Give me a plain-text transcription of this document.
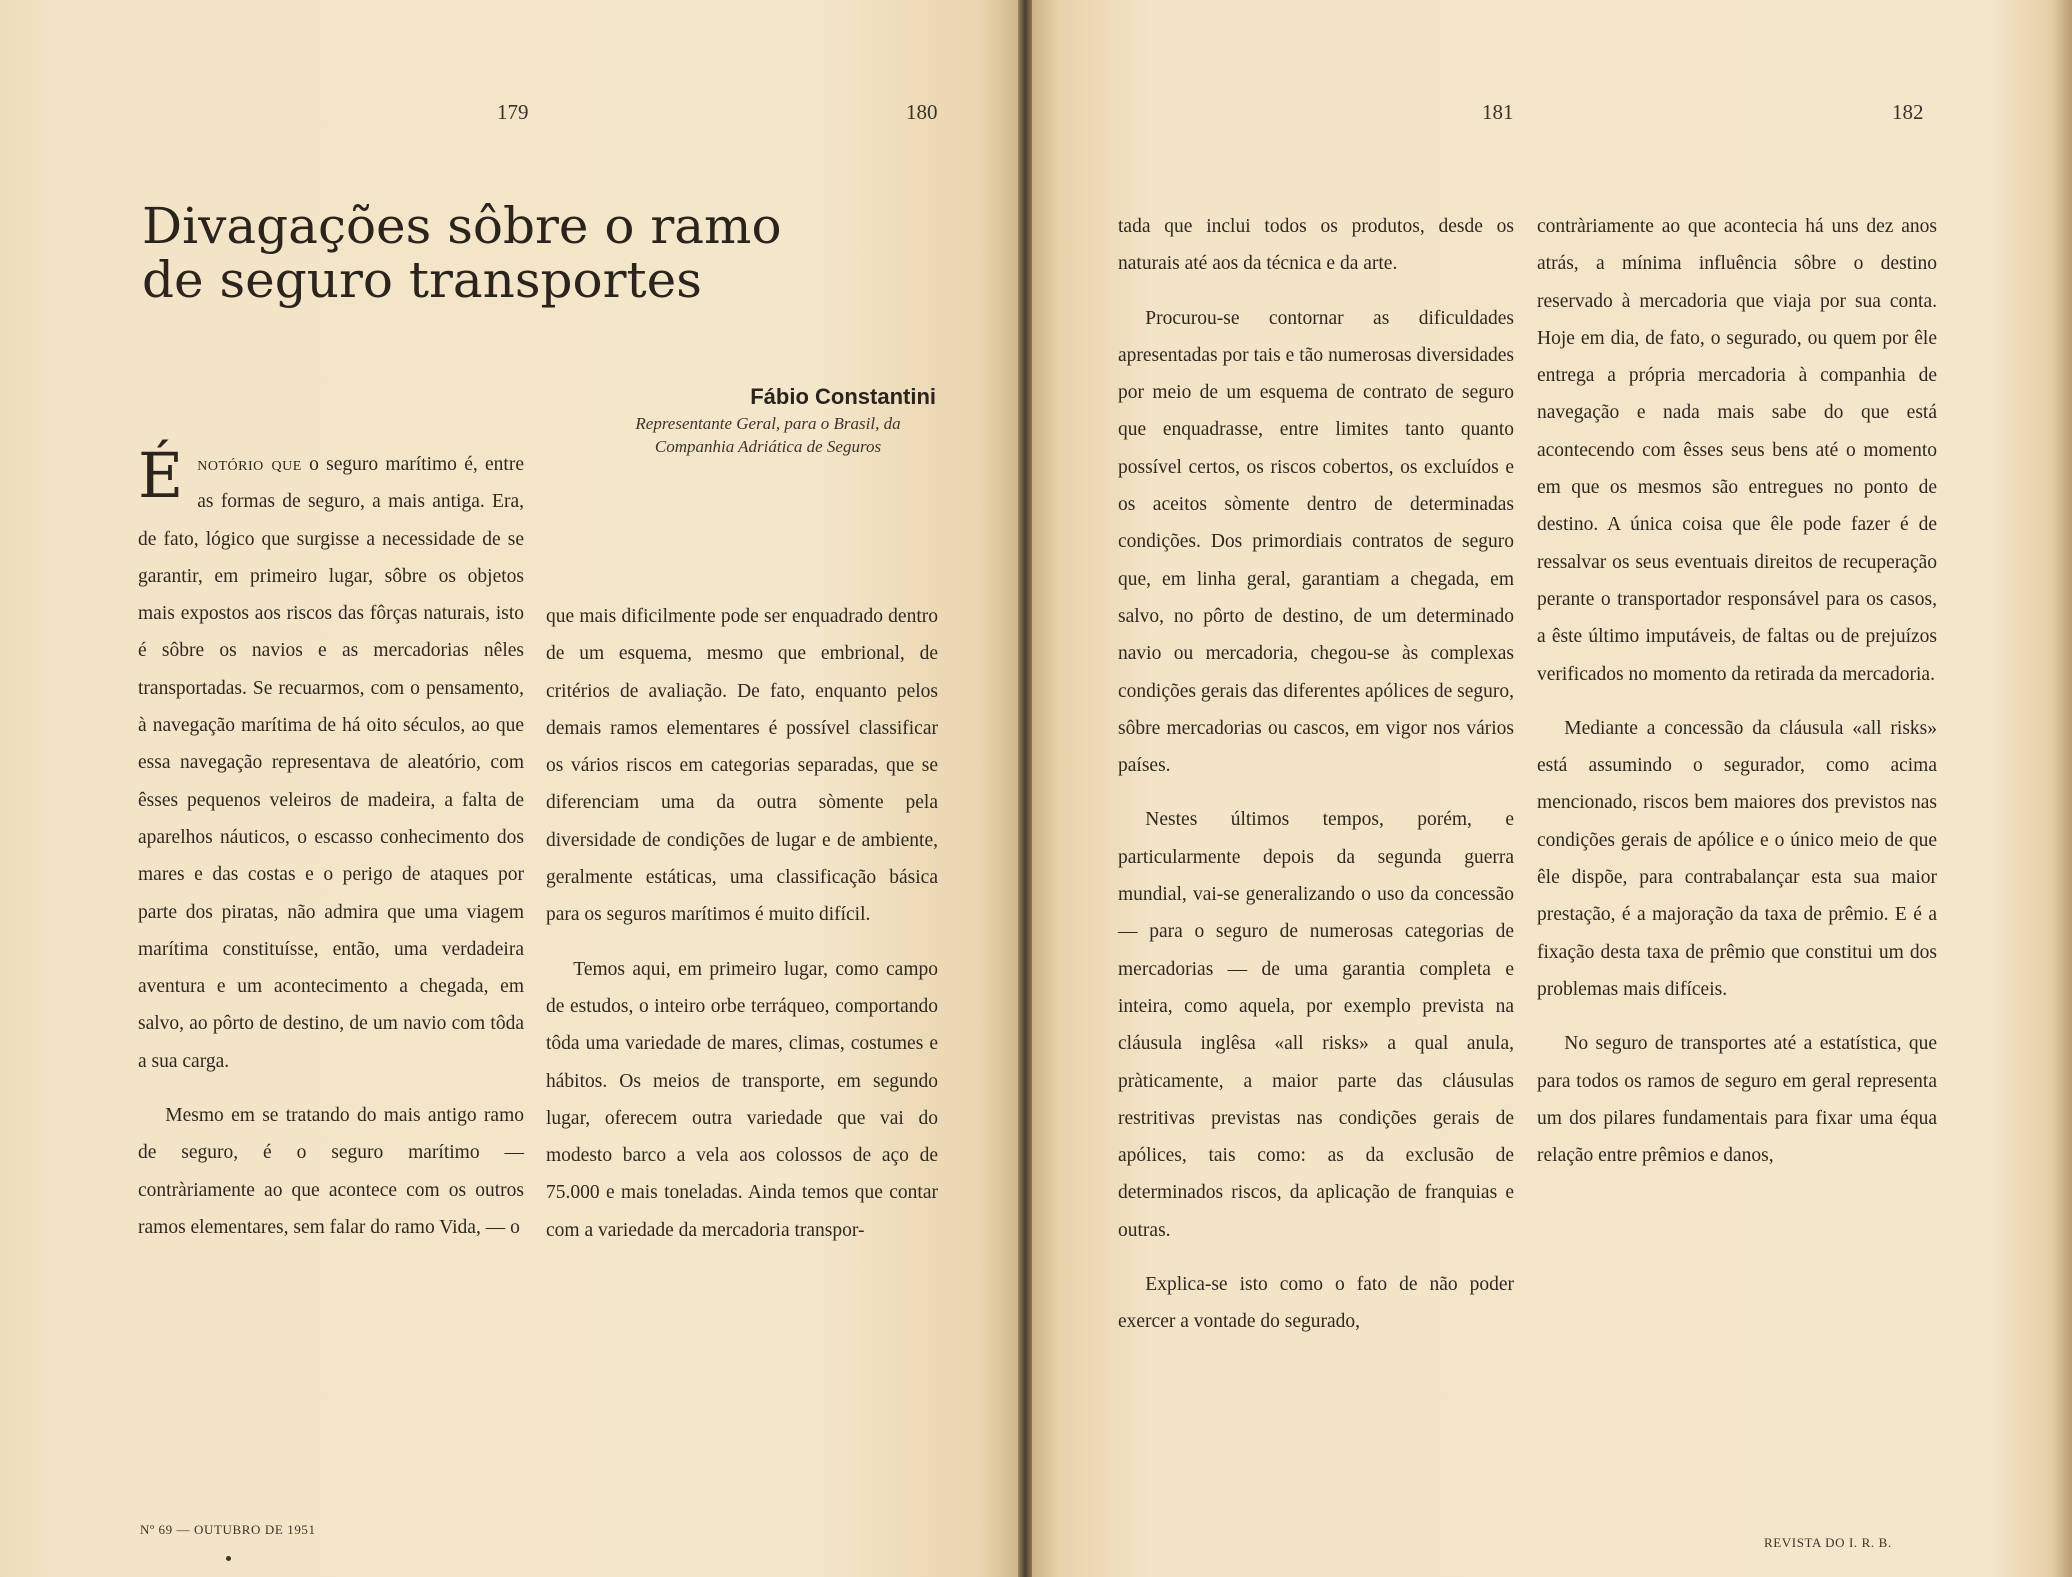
179	180	181	182
Divagações sôbre o ramo de seguro transportes
Fábio Constantini
Representante Geral, para o Brasil, da Companhia Adriática de Seguros

Énotório que o seguro marítimo é, entre as formas de seguro, a mais antiga. Era, de fato, lógico que surgisse a necessidade de se garantir, em primeiro lugar, sôbre os objetos mais expostos aos riscos das fôrças naturais, isto é sôbre os navios e as mercadorias nêles transportadas. Se recuarmos, com o pensamento, à navegação marítima de há oito séculos, ao que essa navegação representava de aleatório, com êsses pequenos veleiros de madeira, a falta de aparelhos náuticos, o escasso conhecimento dos mares e das costas e o perigo de ataques por parte dos piratas, não admira que uma viagem marítima constituísse, então, uma verdadeira aventura e um acontecimento a chegada, em salvo, ao pôrto de destino, de um navio com tôda a sua carga.

Mesmo em se tratando do mais antigo ramo de seguro, é o seguro marítimo — contràriamente ao que acontece com os outros ramos elementares, sem falar do ramo Vida, — o

que mais dificilmente pode ser enquadrado dentro de um esquema, mesmo que embrional, de critérios de avaliação. De fato, enquanto pelos demais ramos elementares é possível classificar os vários riscos em categorias separadas, que se diferenciam uma da outra sòmente pela diversidade de condições de lugar e de ambiente, geralmente estáticas, uma classificação básica para os seguros marítimos é muito difícil.

Temos aqui, em primeiro lugar, como campo de estudos, o inteiro orbe terráqueo, comportando tôda uma variedade de mares, climas, costumes e hábitos. Os meios de transporte, em segundo lugar, oferecem outra variedade que vai do modesto barco a vela aos colossos de aço de 75.000 e mais toneladas. Ainda temos que contar com a variedade da mercadoria transpor-

tada que inclui todos os produtos, desde os naturais até aos da técnica e da arte.

Procurou-se contornar as dificuldades apresentadas por tais e tão numerosas diversidades por meio de um esquema de contrato de seguro que enquadrasse, entre limites tanto quanto possível certos, os riscos cobertos, os excluídos e os aceitos sòmente dentro de determinadas condições. Dos primordiais contratos de seguro que, em linha geral, garantiam a chegada, em salvo, no pôrto de destino, de um determinado navio ou mercadoria, chegou-se às complexas condições gerais das diferentes apólices de seguro, sôbre mercadorias ou cascos, em vigor nos vários países.

Nestes últimos tempos, porém, e particularmente depois da segunda guerra mundial, vai-se generalizando o uso da concessão — para o seguro de numerosas categorias de mercadorias — de uma garantia completa e inteira, como aquela, por exemplo prevista na cláusula inglêsa «all risks» a qual anula, pràticamente, a maior parte das cláusulas restritivas previstas nas condições gerais de apólices, tais como: as da exclusão de determinados riscos, da aplicação de franquias e outras.

Explica-se isto como o fato de não poder exercer a vontade do segurado,

contràriamente ao que acontecia há uns dez anos atrás, a mínima influência sôbre o destino reservado à mercadoria que viaja por sua conta. Hoje em dia, de fato, o segurado, ou quem por êle entrega a própria mercadoria à companhia de navegação e nada mais sabe do que está acontecendo com êsses seus bens até o momento em que os mesmos são entregues no ponto de destino. A única coisa que êle pode fazer é de ressalvar os seus eventuais direitos de recuperação perante o transportador responsável para os casos, a êste último imputáveis, de faltas ou de prejuízos verificados no momento da retirada da mercadoria.

Mediante a concessão da cláusula «all risks» está assumindo o segurador, como acima mencionado, riscos bem maiores dos previstos nas condições gerais de apólice e o único meio de que êle dispõe, para contrabalançar esta sua maior prestação, é a majoração da taxa de prêmio. E é a fixação desta taxa de prêmio que constitui um dos problemas mais difíceis.

No seguro de transportes até a estatística, que para todos os ramos de seguro em geral representa um dos pilares fundamentais para fixar uma équa relação entre prêmios e danos,

Nº 69 — OUTUBRO DE 1951
REVISTA DO I. R. B.
